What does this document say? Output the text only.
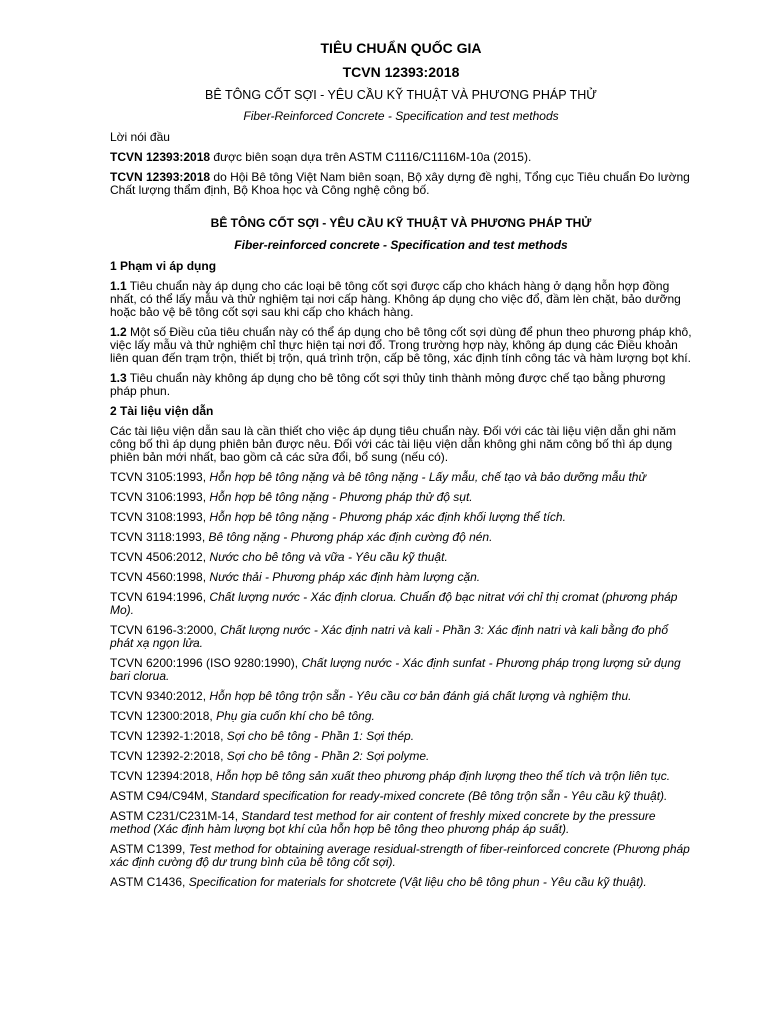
TIÊU CHUẨN QUỐC GIA
TCVN 12393:2018
BÊ TÔNG CỐT SỢI - YÊU CẦU KỸ THUẬT VÀ PHƯƠNG PHÁP THỬ
Fiber-Reinforced Concrete - Specification and test methods

Lời nói đầu

TCVN 12393:2018 được biên soạn dựa trên ASTM C1116/C1116M-10a (2015).

TCVN 12393:2018 do Hội Bê tông Việt Nam biên soạn, Bộ xây dựng đề nghị, Tổng cục Tiêu chuẩn Đo lường Chất lượng thẩm định, Bộ Khoa học và Công nghệ công bố.

BÊ TÔNG CỐT SỢI - YÊU CẦU KỸ THUẬT VÀ PHƯƠNG PHÁP THỬ
Fiber-reinforced concrete - Specification and test methods
1 Phạm vi áp dụng

1.1 Tiêu chuẩn này áp dụng cho các loại bê tông cốt sợi được cấp cho khách hàng ở dạng hỗn hợp đồng nhất, có thể lấy mẫu và thử nghiệm tại nơi cấp hàng. Không áp dụng cho việc đổ, đầm lèn chặt, bảo dưỡng hoặc bảo vệ bê tông cốt sợi sau khi cấp cho khách hàng.

1.2 Một số Điều của tiêu chuẩn này có thể áp dụng cho bê tông cốt sợi dùng để phun theo phương pháp khô, việc lấy mẫu và thử nghiệm chỉ thực hiện tại nơi đổ. Trong trường hợp này, không áp dụng các Điều khoản liên quan đến trạm trộn, thiết bị trộn, quá trình trộn, cấp bê tông, xác định tính công tác và hàm lượng bọt khí.

1.3 Tiêu chuẩn này không áp dụng cho bê tông cốt sợi thủy tinh thành mỏng được chế tạo bằng phương pháp phun.

2 Tài liệu viện dẫn

Các tài liệu viện dẫn sau là cần thiết cho việc áp dụng tiêu chuẩn này. Đối với các tài liệu viện dẫn ghi năm công bố thì áp dụng phiên bản được nêu. Đối với các tài liệu viện dẫn không ghi năm công bố thì áp dụng phiên bản mới nhất, bao gồm cả các sửa đổi, bổ sung (nếu có).

TCVN 3105:1993, Hỗn hợp bê tông nặng và bê tông nặng - Lấy mẫu, chế tạo và bảo dưỡng mẫu thử

TCVN 3106:1993, Hỗn hợp bê tông nặng - Phương pháp thử độ sụt.

TCVN 3108:1993, Hỗn hợp bê tông nặng - Phương pháp xác định khối lượng thể tích.

TCVN 3118:1993, Bê tông nặng - Phương pháp xác định cường độ nén.

TCVN 4506:2012, Nước cho bê tông và vữa - Yêu cầu kỹ thuật.

TCVN 4560:1998, Nước thải - Phương pháp xác định hàm lượng cặn.

TCVN 6194:1996, Chất lượng nước - Xác định clorua. Chuẩn độ bạc nitrat với chỉ thị cromat (phương pháp Mo).

TCVN 6196-3:2000, Chất lượng nước - Xác định natri và kali - Phần 3: Xác định natri và kali bằng đo phổ phát xạ ngọn lửa.

TCVN 6200:1996 (ISO 9280:1990), Chất lượng nước - Xác định sunfat - Phương pháp trọng lượng sử dụng bari clorua.

TCVN 9340:2012, Hỗn hợp bê tông trộn sẵn - Yêu cầu cơ bản đánh giá chất lượng và nghiệm thu.

TCVN 12300:2018, Phụ gia cuốn khí cho bê tông.

TCVN 12392-1:2018, Sợi cho bê tông - Phần 1: Sợi thép.

TCVN 12392-2:2018, Sợi cho bê tông - Phần 2: Sợi polyme.

TCVN 12394:2018, Hỗn hợp bê tông sản xuất theo phương pháp định lượng theo thể tích và trộn liên tục.

ASTM C94/C94M, Standard specification for ready-mixed concrete (Bê tông trộn sẵn - Yêu cầu kỹ thuật).

ASTM C231/C231M-14, Standard test method for air content of freshly mixed concrete by the pressure method (Xác định hàm lượng bọt khí của hỗn hợp bê tông theo phương pháp áp suất).

ASTM C1399, Test method for obtaining average residual-strength of fiber-reinforced concrete (Phương pháp xác định cường độ dư trung bình của bê tông cốt sợi).

ASTM C1436, Specification for materials for shotcrete (Vật liệu cho bê tông phun - Yêu cầu kỹ thuật).
